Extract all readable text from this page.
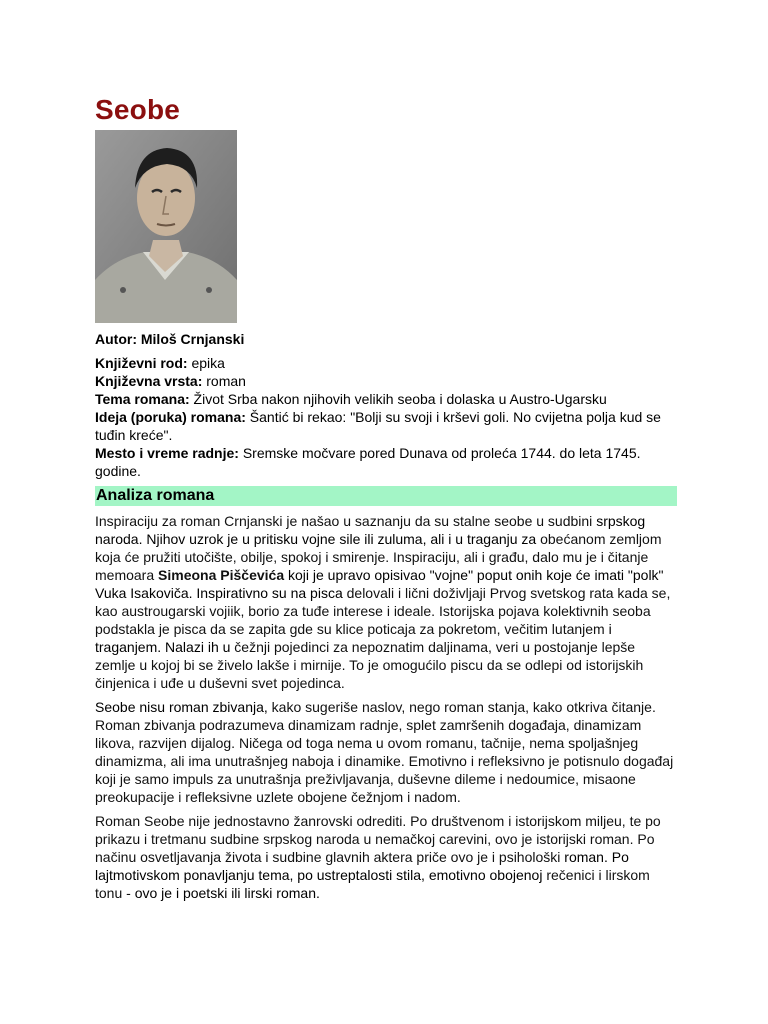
Seobe
Autor: Miloš Crnjanski

Književni rod: epika

Književna vrsta: roman

Tema romana: Život Srba nakon njihovih velikih seoba i dolaska u Austro-Ugarsku

Ideja (poruka) romana: Šantić bi rekao: "Bolji su svoji i krševi goli. No cvijetna polja kud se tuđin kreće".

Mesto i vreme radnje: Sremske močvare pored Dunava od proleća 1744. do leta 1745. godine.

Analiza romana

Inspiraciju za roman Crnjanski je našao u saznanju da su stalne seobe u sudbini srpskog naroda. Njihov uzrok je u pritisku vojne sile ili zuluma, ali i u traganju za obećanom zemljom koja će pružiti utočište, obilje, spokoj i smirenje. Inspiraciju, ali i građu, dalo mu je i čitanje memoara Simeona Piščevića koji je upravo opisivao "vojne" poput onih koje će imati "polk" Vuka Isakoviča. Inspirativno su na pisca delovali i lični doživljaji Prvog svetskog rata kada se, kao austrougarski vojiik, borio za tuđe interese i ideale. Istorijska pojava kolektivnih seoba podstakla je pisca da se zapita gde su klice poticaja za pokretom, večitim lutanjem i traganjem. Nalazi ih u čežnji pojedinci za nepoznatim daljinama, veri u postojanje lepše zemlje u kojoj bi se živelo lakše i mirnije. To je omogućilo piscu da se odlepi od istorijskih činjenica i uđe u duševni svet pojedinca.

Seobe nisu roman zbivanja, kako sugeriše naslov, nego roman stanja, kako otkriva čitanje. Roman zbivanja podrazumeva dinamizam radnje, splet zamršenih događaja, dinamizam likova, razvijen dijalog. Ničega od toga nema u ovom romanu, tačnije, nema spoljašnjeg dinamizma, ali ima unutrašnjeg naboja i dinamike. Emotivno i refleksivno je potisnulo događaj koji je samo impuls za unutrašnja preživljavanja, duševne dileme i nedoumice, misaone preokupacije i refleksivne uzlete obojene čežnjom i nadom.

Roman Seobe nije jednostavno žanrovski odrediti. Po društvenom i istorijskom miljeu, te po prikazu i tretmanu sudbine srpskog naroda u nemačkoj carevini, ovo je istorijski roman. Po načinu osvetljavanja života i sudbine glavnih aktera priče ovo je i psihološki roman. Po lajtmotivskom ponavljanju tema, po ustreptalosti stila, emotivno obojenoj rečenici i lirskom tonu - ovo je i poetski ili lirski roman.
